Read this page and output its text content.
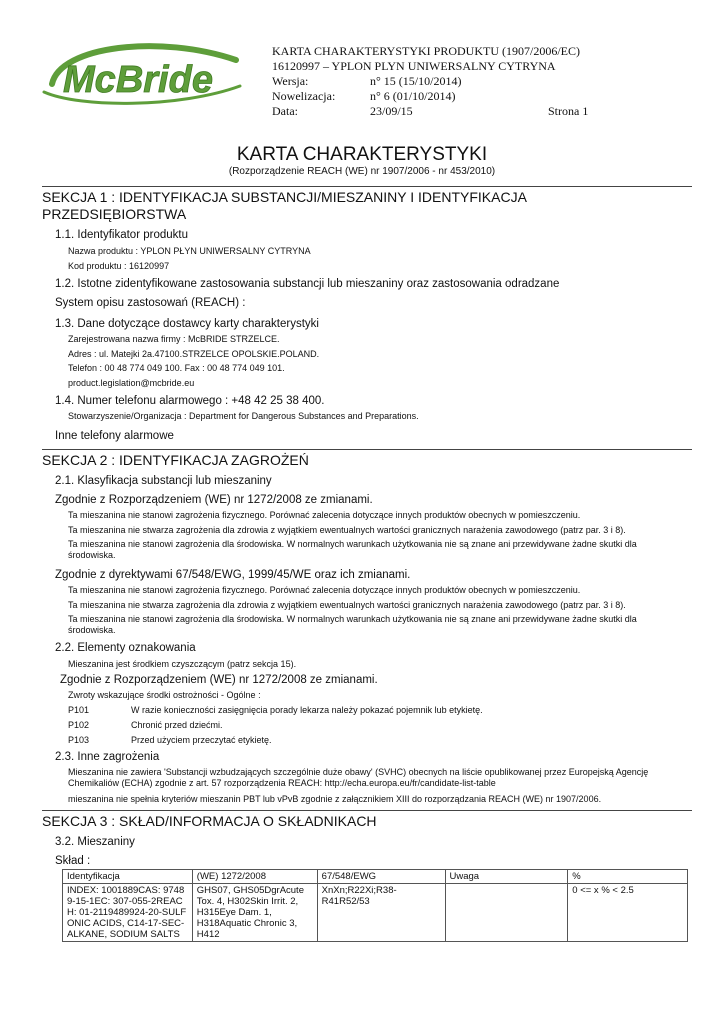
McBride
KARTA CHARAKTERYSTYKI PRODUKTU (1907/2006/EC)
16120997 – YPLON PLYN UNIWERSALNY CYTRYNA
Wersja:	n° 15 (15/10/2014)
Nowelizacja:	n° 6 (01/10/2014)
Data:	23/09/15	Strona 1
KARTA CHARAKTERYSTYKI
(Rozporządzenie REACH (WE) nr 1907/2006 - nr 453/2010)
SEKCJA 1 : IDENTYFIKACJA SUBSTANCJI/MIESZANINY I IDENTYFIKACJA
PRZEDSIĘBIORSTWA
1.1. Identyfikator produktu
Nazwa produktu : YPLON PŁYN UNIWERSALNY CYTRYNA
Kod produktu : 16120997
1.2. Istotne zidentyfikowane zastosowania substancji lub mieszaniny oraz zastosowania odradzane
System opisu zastosowań (REACH) :
1.3. Dane dotyczące dostawcy karty charakterystyki
Zarejestrowana nazwa firmy : McBRIDE STRZELCE.
Adres : ul. Matejki 2a.47100.STRZELCE OPOLSKIE.POLAND.
Telefon : 00 48 774 049 100. Fax : 00 48 774 049 101.
product.legislation@mcbride.eu
1.4. Numer telefonu alarmowego : +48 42 25 38 400.
Stowarzyszenie/Organizacja : Department for Dangerous Substances and Preparations.
Inne telefony alarmowe
SEKCJA 2 : IDENTYFIKACJA ZAGROŻEŃ
2.1. Klasyfikacja substancji lub mieszaniny
Zgodnie z Rozporządzeniem (WE) nr 1272/2008 ze zmianami.
Ta mieszanina nie stanowi zagrożenia fizycznego. Porównać zalecenia dotyczące innych produktów obecnych w pomieszczeniu.
Ta mieszanina nie stwarza zagrożenia dla zdrowia z wyjątkiem ewentualnych wartości granicznych narażenia zawodowego (patrz par. 3 i 8).
Ta mieszanina nie stanowi zagrożenia dla środowiska. W normalnych warunkach użytkowania nie są znane ani przewidywane żadne skutki dla środowiska.
Zgodnie z dyrektywami 67/548/EWG, 1999/45/WE oraz ich zmianami.
Ta mieszanina nie stanowi zagrożenia fizycznego. Porównać zalecenia dotyczące innych produktów obecnych w pomieszczeniu.
Ta mieszanina nie stwarza zagrożenia dla zdrowia z wyjątkiem ewentualnych wartości granicznych narażenia zawodowego (patrz par. 3 i 8).
Ta mieszanina nie stanowi zagrożenia dla środowiska. W normalnych warunkach użytkowania nie są znane ani przewidywane żadne skutki dla środowiska.
2.2. Elementy oznakowania
Mieszanina jest środkiem czyszczącym (patrz sekcja 15).
Zgodnie z Rozporządzeniem (WE) nr 1272/2008 ze zmianami.
Zwroty wskazujące środki ostrożności - Ogólne :
P101	W razie konieczności zasięgnięcia porady lekarza należy pokazać pojemnik lub etykietę.
P102	Chronić przed dziećmi.
P103	Przed użyciem przeczytać etykietę.
2.3. Inne zagrożenia
Mieszanina nie zawiera 'Substancji wzbudzających szczególnie duże obawy' (SVHC) obecnych na liście opublikowanej przez Europejską Agencję Chemikaliów (ECHA) zgodnie z art. 57 rozporządzenia REACH: http://echa.europa.eu/fr/candidate-list-table
mieszanina nie spełnia kryteriów mieszanin PBT lub vPvB zgodnie z załącznikiem XIII do rozporządzania REACH (WE) nr 1907/2006.
SEKCJA 3 : SKŁAD/INFORMACJA O SKŁADNIKACH
3.2. Mieszaniny
Skład :
Identyfikacja	(WE) 1272/2008	67/548/EWG	Uwaga	%
INDEX: 1001889CAS: 97489-15-1EC: 307-055-2REACH: 01-2119489924-20-SULFONIC ACIDS, C14-17-SEC-ALKANE, SODIUM SALTS	GHS07, GHS05DgrAcute Tox. 4, H302Skin Irrit. 2, H315Eye Dam. 1, H318Aquatic Chronic 3, H412	XnXn;R22Xi;R38-R41R52/53		0 <= x % < 2.5
